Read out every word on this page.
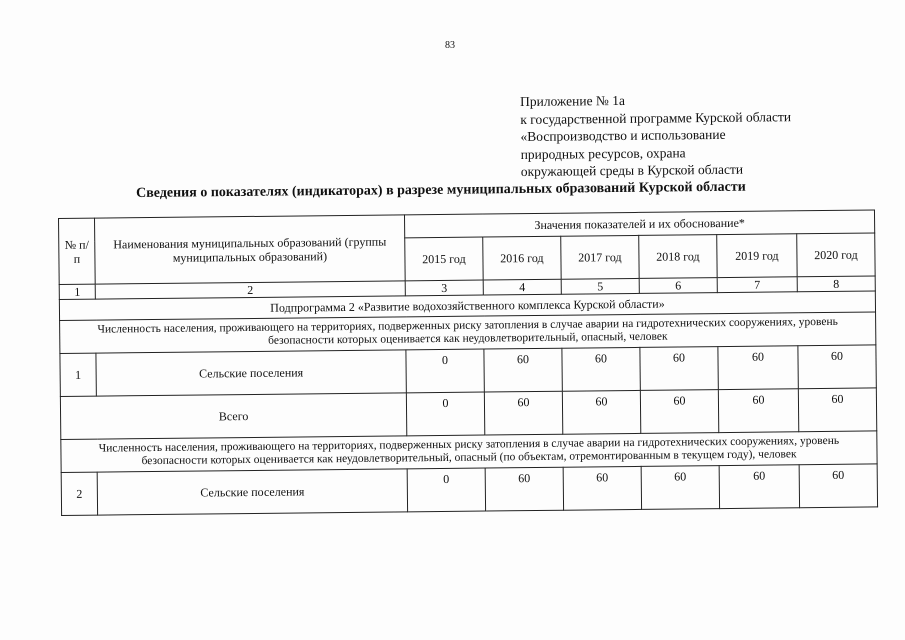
83
Приложение № 1а
к государственной программе Курской области
«Воспроизводство и использование
природных ресурсов, охрана
окружающей среды в Курской области
Сведения о показателях (индикаторах) в разрезе муниципальных образований Курской области
№ п/п	Наименования муниципальных образований (группы муниципальных образований)	Значения показателей и их обоснование*					
		2015 год	2016 год	2017 год	2018 год	2019 год	2020 год
1	2	3	4	5	6	7	8
Подпрограмма 2 «Развитие водохозяйственного комплекса Курской области»							
Численность населения, проживающего на территориях, подверженных риску затопления в случае аварии на гидротехнических сооружениях, уровень безопасности которых оценивается как неудовлетворительный, опасный, человек							
1	Сельские поселения	0	60	60	60	60	60
Всего		0	60	60	60	60	60
Численность населения, проживающего на территориях, подверженных риску затопления в случае аварии на гидротехнических сооружениях, уровень безопасности которых оценивается как неудовлетворительный, опасный (по объектам, отремонтированным в текущем году), человек							
2	Сельские поселения	0	60	60	60	60	60
